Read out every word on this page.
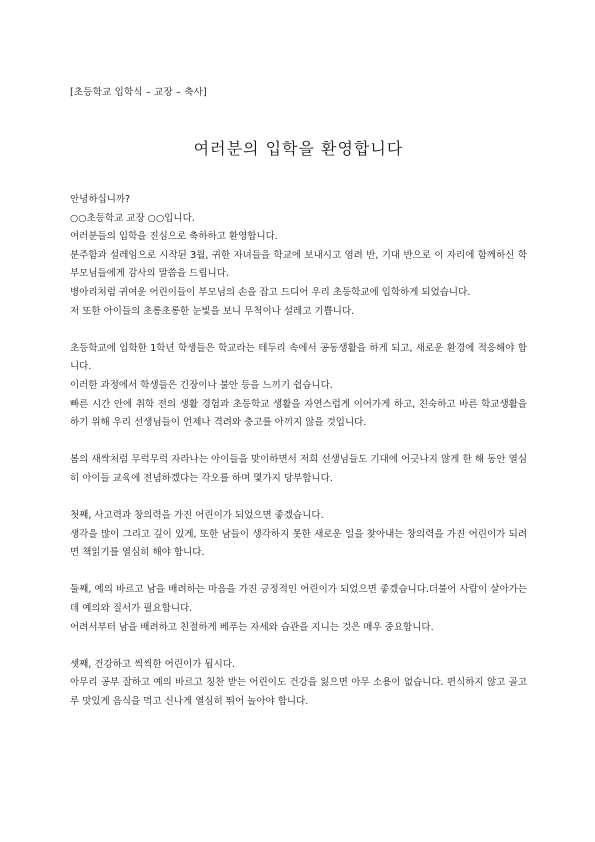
[초등학교 입학식 – 교장 – 축사]

여러분의 입학을 환영합니다

안녕하십니까?

○○초등학교 교장 ○○입니다.

여러분들의 입학을 진심으로 축하하고 환영합니다.

분주함과 설레임으로 시작된 3월, 귀한 자녀들을 학교에 보내시고 염려 반, 기대 반으로 이 자리에 함께하신 학부모님들에게 감사의 말씀을 드립니다.

병아리처럼 귀여운 어린이들이 부모님의 손을 잡고 드디어 우리 초등학교에 입학하게 되었습니다.

저 또한 아이들의 초롱초롱한 눈빛을 보니 무척이나 설레고 기쁩니다.

초등학교에 입학한 1학년 학생들은 학교라는 테두리 속에서 공동생활을 하게 되고, 새로운 환경에 적응해야 합니다.

이러한 과정에서 학생들은 긴장이나 불안 등을 느끼기 쉽습니다.

빠른 시간 안에 취학 전의 생활 경험과 초등학교 생활을 자연스럽게 이어가게 하고, 친숙하고 바른 학교생활을 하기 위해 우리 선생님들이 언제나 격려와 충고를 아끼지 않을 것입니다.

봄의 새싹처럼 무럭무럭 자라나는 아이들을 맞이하면서 저희 선생님들도 기대에 어긋나지 않게 한 해 동안 열심히 아이들 교육에 전념하겠다는 각오를 하며 몇가지 당부합니다.

첫째, 사고력과 창의력을 가진 어린이가 되었으면 좋겠습니다.

생각을 많이 그리고 깊이 있게, 또한 남들이 생각하지 못한 새로운 일을 찾아내는 창의력을 가진 어린이가 되려면 책읽기를 열심히 해야 합니다.

둘째, 예의 바르고 남을 배려하는 마음을 가진 긍정적인 어린이가 되었으면 좋겠습니다.더불어 사람이 살아가는데 예의와 질서가 필요합니다.

어려서부터 남을 배려하고 친절하게 베푸는 자세와 습관을 지니는 것은 매우 중요합니다.

셋째, 건강하고 씩씩한 어린이가 됩시다.

아무리 공부 잘하고 예의 바르고 칭찬 받는 어린이도 건강을 잃으면 아무 소용이 없습니다. 편식하지 않고 골고루 맛있게 음식을 먹고 신나게 열심히 뛰어 놀아야 합니다.
